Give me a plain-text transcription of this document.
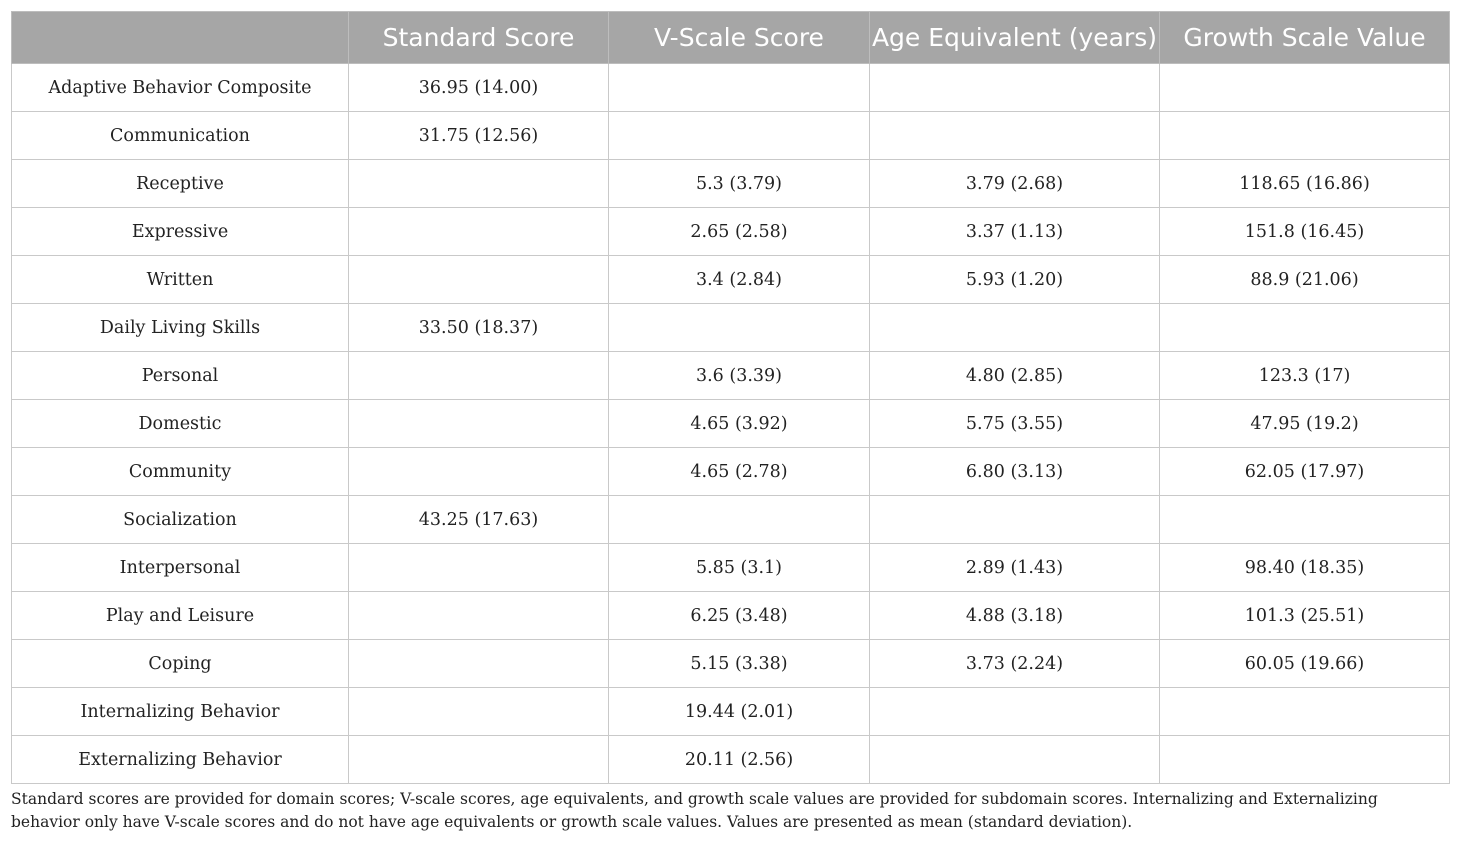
	Standard Score	V-Scale Score	Age Equivalent (years)	Growth Scale Value
Adaptive Behavior Composite	36.95 (14.00)			
Communication	31.75 (12.56)			
Receptive		5.3 (3.79)	3.79 (2.68)	118.65 (16.86)
Expressive		2.65 (2.58)	3.37 (1.13)	151.8 (16.45)
Written		3.4 (2.84)	5.93 (1.20)	88.9 (21.06)
Daily Living Skills	33.50 (18.37)			
Personal		3.6 (3.39)	4.80 (2.85)	123.3 (17)
Domestic		4.65 (3.92)	5.75 (3.55)	47.95 (19.2)
Community		4.65 (2.78)	6.80 (3.13)	62.05 (17.97)
Socialization	43.25 (17.63)			
Interpersonal		5.85 (3.1)	2.89 (1.43)	98.40 (18.35)
Play and Leisure		6.25 (3.48)	4.88 (3.18)	101.3 (25.51)
Coping		5.15 (3.38)	3.73 (2.24)	60.05 (19.66)
Internalizing Behavior		19.44 (2.01)		
Externalizing Behavior		20.11 (2.56)		
Standard scores are provided for domain scores; V-scale scores, age equivalents, and growth scale values are provided for subdomain scores. Internalizing and Externalizing behavior only have V-scale scores and do not have age equivalents or growth scale values. Values are presented as mean (standard deviation).
